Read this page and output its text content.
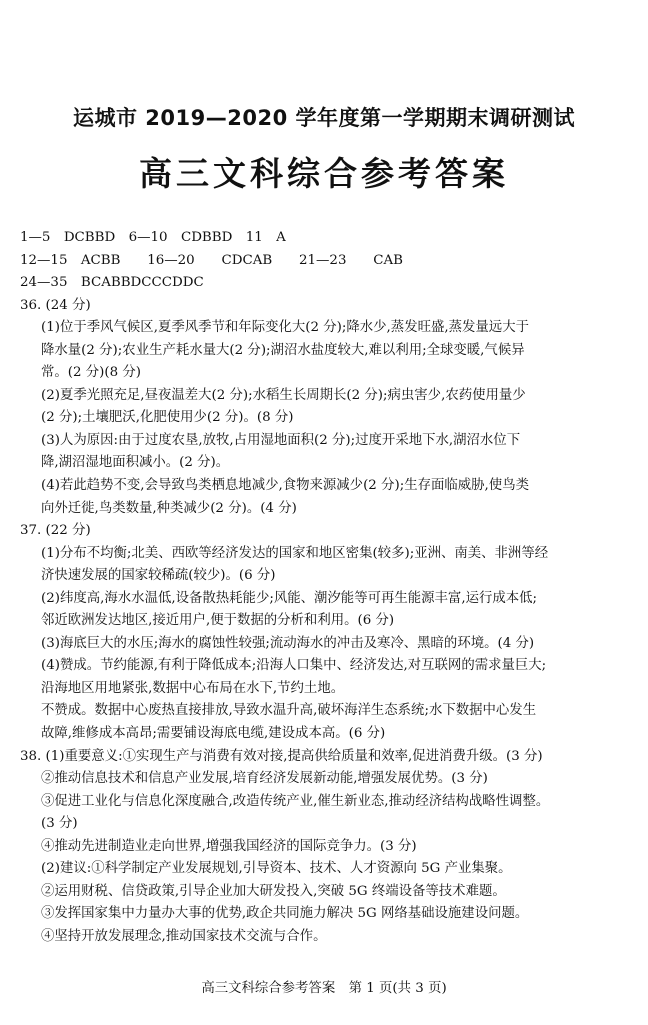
运城市 2019—2020 学年度第一学期期末调研测试
高三文科综合参考答案
1—5　DCBBD　6—10　CDBBD　11　A
12—15　ACBB　　16—20　　CDCAB　　21—23　　CAB
24—35　BCABBDCCCDDC
36. (24 分)
(1)位于季风气候区,夏季风季节和年际变化大(2 分);降水少,蒸发旺盛,蒸发量远大于
降水量(2 分);农业生产耗水量大(2 分);湖沼水盐度较大,难以利用;全球变暖,气候异
常。(2 分)(8 分)
(2)夏季光照充足,昼夜温差大(2 分);水稻生长周期长(2 分);病虫害少,农药使用量少
(2 分);土壤肥沃,化肥使用少(2 分)。(8 分)
(3)人为原因:由于过度农垦,放牧,占用湿地面积(2 分);过度开采地下水,湖沼水位下
降,湖沼湿地面积减小。(2 分)。
(4)若此趋势不变,会导致鸟类栖息地减少,食物来源减少(2 分);生存面临威胁,使鸟类
向外迁徙,鸟类数量,种类减少(2 分)。(4 分)
37. (22 分)
(1)分布不均衡;北美、西欧等经济发达的国家和地区密集(较多);亚洲、南美、非洲等经
济快速发展的国家较稀疏(较少)。(6 分)
(2)纬度高,海水水温低,设备散热耗能少;风能、潮汐能等可再生能源丰富,运行成本低;
邻近欧洲发达地区,接近用户,便于数据的分析和利用。(6 分)
(3)海底巨大的水压;海水的腐蚀性较强;流动海水的冲击及寒冷、黑暗的环境。(4 分)
(4)赞成。节约能源,有利于降低成本;沿海人口集中、经济发达,对互联网的需求量巨大;
沿海地区用地紧张,数据中心布局在水下,节约土地。
不赞成。数据中心废热直接排放,导致水温升高,破坏海洋生态系统;水下数据中心发生
故障,维修成本高昂;需要铺设海底电缆,建设成本高。(6 分)
38. (1)重要意义:①实现生产与消费有效对接,提高供给质量和效率,促进消费升级。(3 分)
②推动信息技术和信息产业发展,培育经济发展新动能,增强发展优势。(3 分)
③促进工业化与信息化深度融合,改造传统产业,催生新业态,推动经济结构战略性调整。
(3 分)
④推动先进制造业走向世界,增强我国经济的国际竞争力。(3 分)
(2)建议:①科学制定产业发展规划,引导资本、技术、人才资源向 5G 产业集聚。
②运用财税、信贷政策,引导企业加大研发投入,突破 5G 终端设备等技术难题。
③发挥国家集中力量办大事的优势,政企共同施力解决 5G 网络基础设施建设问题。
④坚持开放发展理念,推动国家技术交流与合作。
高三文科综合参考答案　第 1 页(共 3 页)
